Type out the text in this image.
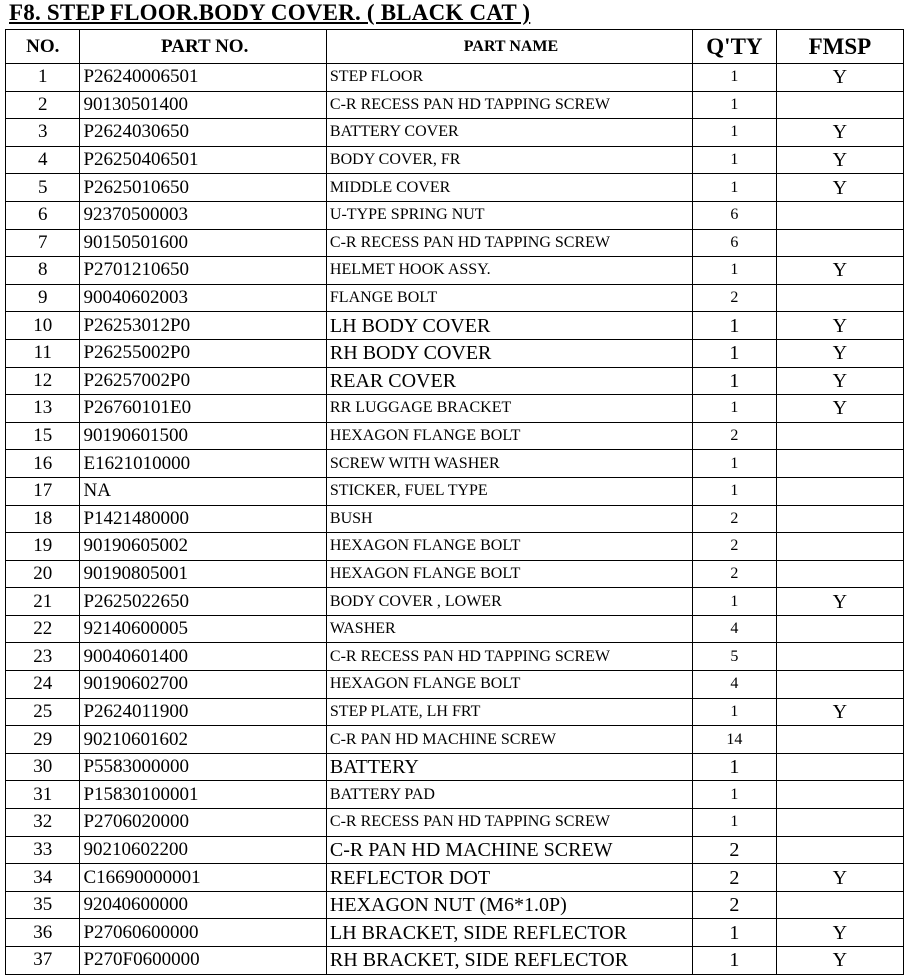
F8. STEP FLOOR.BODY COVER. ( BLACK CAT )
NO.	PART NO.	PART NAME	Q'TY	FMSP
1	P26240006501	STEP FLOOR	1	Y
2	90130501400	C-R RECESS PAN HD TAPPING SCREW	1	
3	P2624030650	BATTERY COVER	1	Y
4	P26250406501	BODY COVER, FR	1	Y
5	P2625010650	MIDDLE COVER	1	Y
6	92370500003	U-TYPE SPRING NUT	6	
7	90150501600	C-R RECESS PAN HD TAPPING SCREW	6	
8	P2701210650	HELMET HOOK ASSY.	1	Y
9	90040602003	FLANGE BOLT	2	
10	P26253012P0	LH BODY COVER	1	Y
11	P26255002P0	RH BODY COVER	1	Y
12	P26257002P0	REAR COVER	1	Y
13	P26760101E0	RR LUGGAGE BRACKET	1	Y
15	90190601500	HEXAGON FLANGE BOLT	2	
16	E1621010000	SCREW WITH WASHER	1	
17	NA	STICKER, FUEL TYPE	1	
18	P1421480000	BUSH	2	
19	90190605002	HEXAGON FLANGE BOLT	2	
20	90190805001	HEXAGON FLANGE BOLT	2	
21	P2625022650	BODY COVER , LOWER	1	Y
22	92140600005	WASHER	4	
23	90040601400	C-R RECESS PAN HD TAPPING SCREW	5	
24	90190602700	HEXAGON FLANGE BOLT	4	
25	P2624011900	STEP PLATE, LH FRT	1	Y
29	90210601602	C-R PAN HD MACHINE SCREW	14	
30	P5583000000	BATTERY	1	
31	P15830100001	BATTERY PAD	1	
32	P2706020000	C-R RECESS PAN HD TAPPING SCREW	1	
33	90210602200	C-R PAN HD MACHINE SCREW	2	
34	C16690000001	REFLECTOR DOT	2	Y
35	92040600000	HEXAGON NUT (M6*1.0P)	2	
36	P27060600000	LH BRACKET, SIDE REFLECTOR	1	Y
37	P270F0600000	RH BRACKET, SIDE REFLECTOR	1	Y
